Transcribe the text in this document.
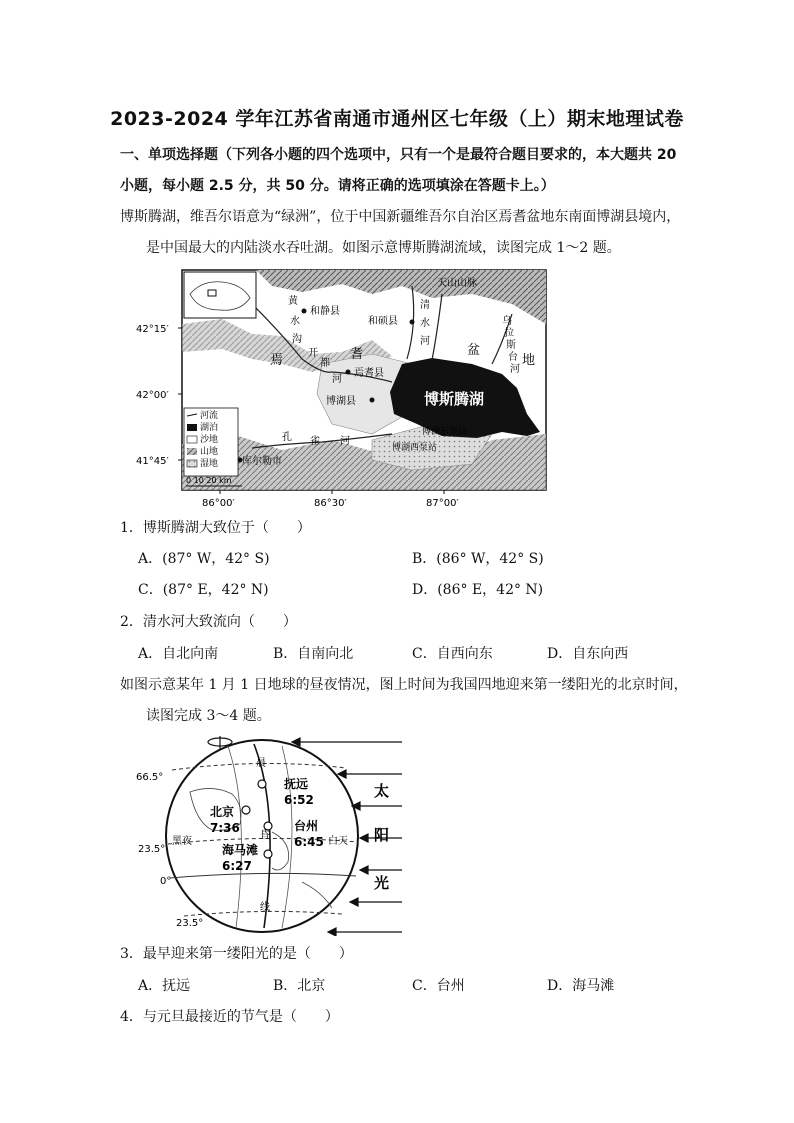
2023-2024 学年江苏省南通市通州区七年级（上）期末地理试卷
一、单项选择题（下列各小题的四个选项中，只有一个是最符合题目要求的，本大题共 20
小题，每小题 2.5 分，共 50 分。请将正确的选项填涂在答题卡上。）
博斯腾湖，维吾尔语意为“绿洲”，位于中国新疆维吾尔自治区焉耆盆地东南面博湖县境内，
是中国最大的内陆淡水吞吐湖。如图示意博斯腾湖流域，读图完成 1～2 题。
博斯腾湖
和静县
和硕县
焉耆县
博湖县
库尔勒市
博湖东泵站
博湖西泵站
天山山脉
盆
地
焉	耆
开
都
河
孔 雀 河
清
水
河
黄
水
沟
乌
拉
斯
台
河
河流
湖泊
沙地
山地
湿地
0 10 20 km
42°15′
42°00′
41°45′
86°00′	86°30′	87°00′
1．博斯腾湖大致位于（　　）
A．(87° W，42° S)	B．(86° W，42° S)
C．(87° E，42° N)	D．(86° E，42° N)
2．清水河大致流向（　　）
A．自北向南	B．自南向北	C．自西向东	D．自东向西
如图示意某年 1 月 1 日地球的昼夜情况，图上时间为我国四地迎来第一缕阳光的北京时间，
读图完成 3～4 题。
66.5°
23.5°
0°
23.5°
抚远
6:52
北京
7:36	台州
6:45
海马滩
6:27
黑夜	白天
晨
昏
线
太
阳
光
3．最早迎来第一缕阳光的是（　　）
A．抚远	B．北京	C．台州	D．海马滩
4．与元旦最接近的节气是（　　）
